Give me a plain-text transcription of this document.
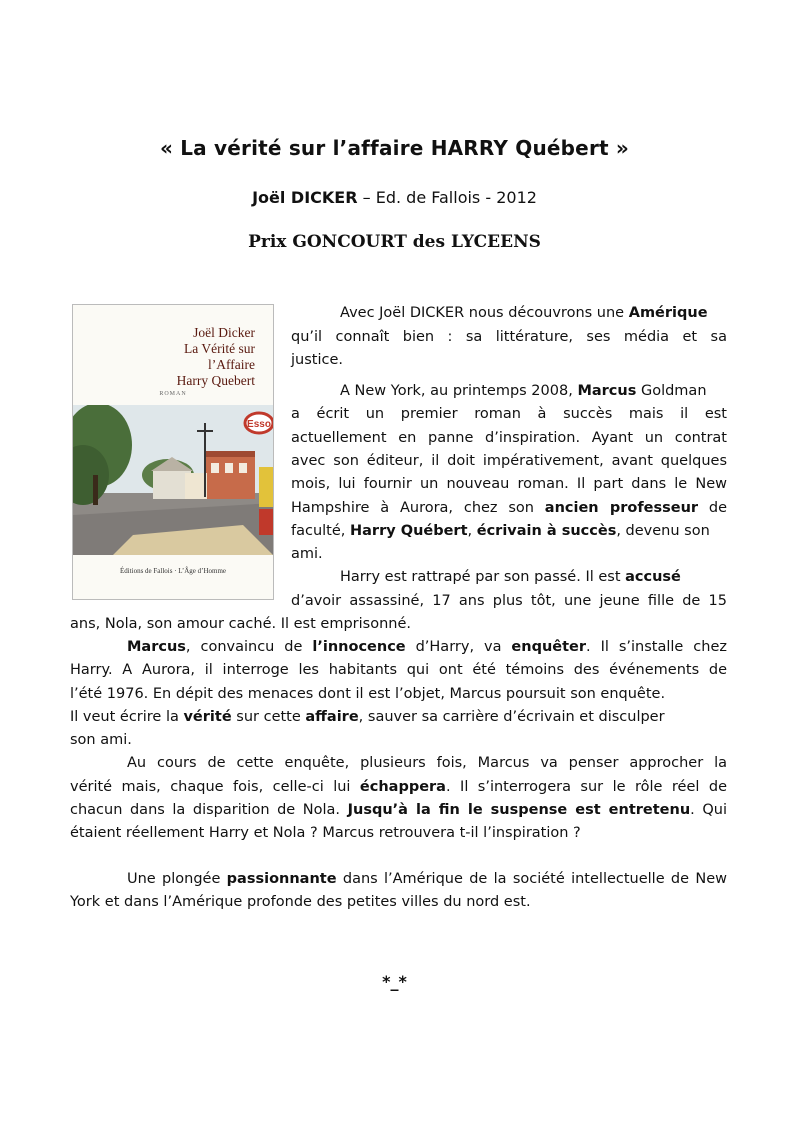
« La vérité sur l’affaire HARRY Québert »
Joël DICKER – Ed. de Fallois - 2012
Prix GONCOURT des LYCEENS
Joël Dicker
La Vérité sur
l’Affaire
Harry Quebert
ROMAN
Esso
Éditions de Fallois · L’Âge d’Homme
Avec Joël DICKER nous découvrons une Amérique
qu’il connaît bien : sa littérature, ses média et sa
justice.
A New York, au printemps 2008, Marcus Goldman
a écrit un premier roman à succès mais il est
actuellement en panne d’inspiration. Ayant un contrat
avec son éditeur, il doit impérativement, avant quelques
mois, lui fournir un nouveau roman. Il part dans le New
Hampshire à Aurora, chez son ancien professeur de
faculté, Harry Québert, écrivain à succès, devenu son
ami.
Harry est rattrapé par son passé. Il est accusé
d’avoir assassiné, 17 ans plus tôt, une jeune fille de 15
ans, Nola, son amour caché. Il est emprisonné.
Marcus, convaincu de l’innocence d’Harry, va enquêter. Il s’installe chez
Harry. A Aurora, il interroge les habitants qui ont été témoins des événements de
l’été 1976. En dépit des menaces dont il est l’objet, Marcus poursuit son enquête.
Il veut écrire la vérité sur cette affaire, sauver sa carrière d’écrivain et disculper
son ami.
Au cours de cette enquête, plusieurs fois, Marcus va penser approcher la
vérité mais, chaque fois, celle-ci lui échappera. Il s’interrogera sur le rôle réel de
chacun dans la disparition de Nola. Jusqu’à la fin le suspense est entretenu. Qui
étaient réellement Harry et Nola ? Marcus retrouvera t-il l’inspiration ?
Une plongée passionnante dans l’Amérique de la société intellectuelle de New
York et dans l’Amérique profonde des petites villes du nord est.
*_*
